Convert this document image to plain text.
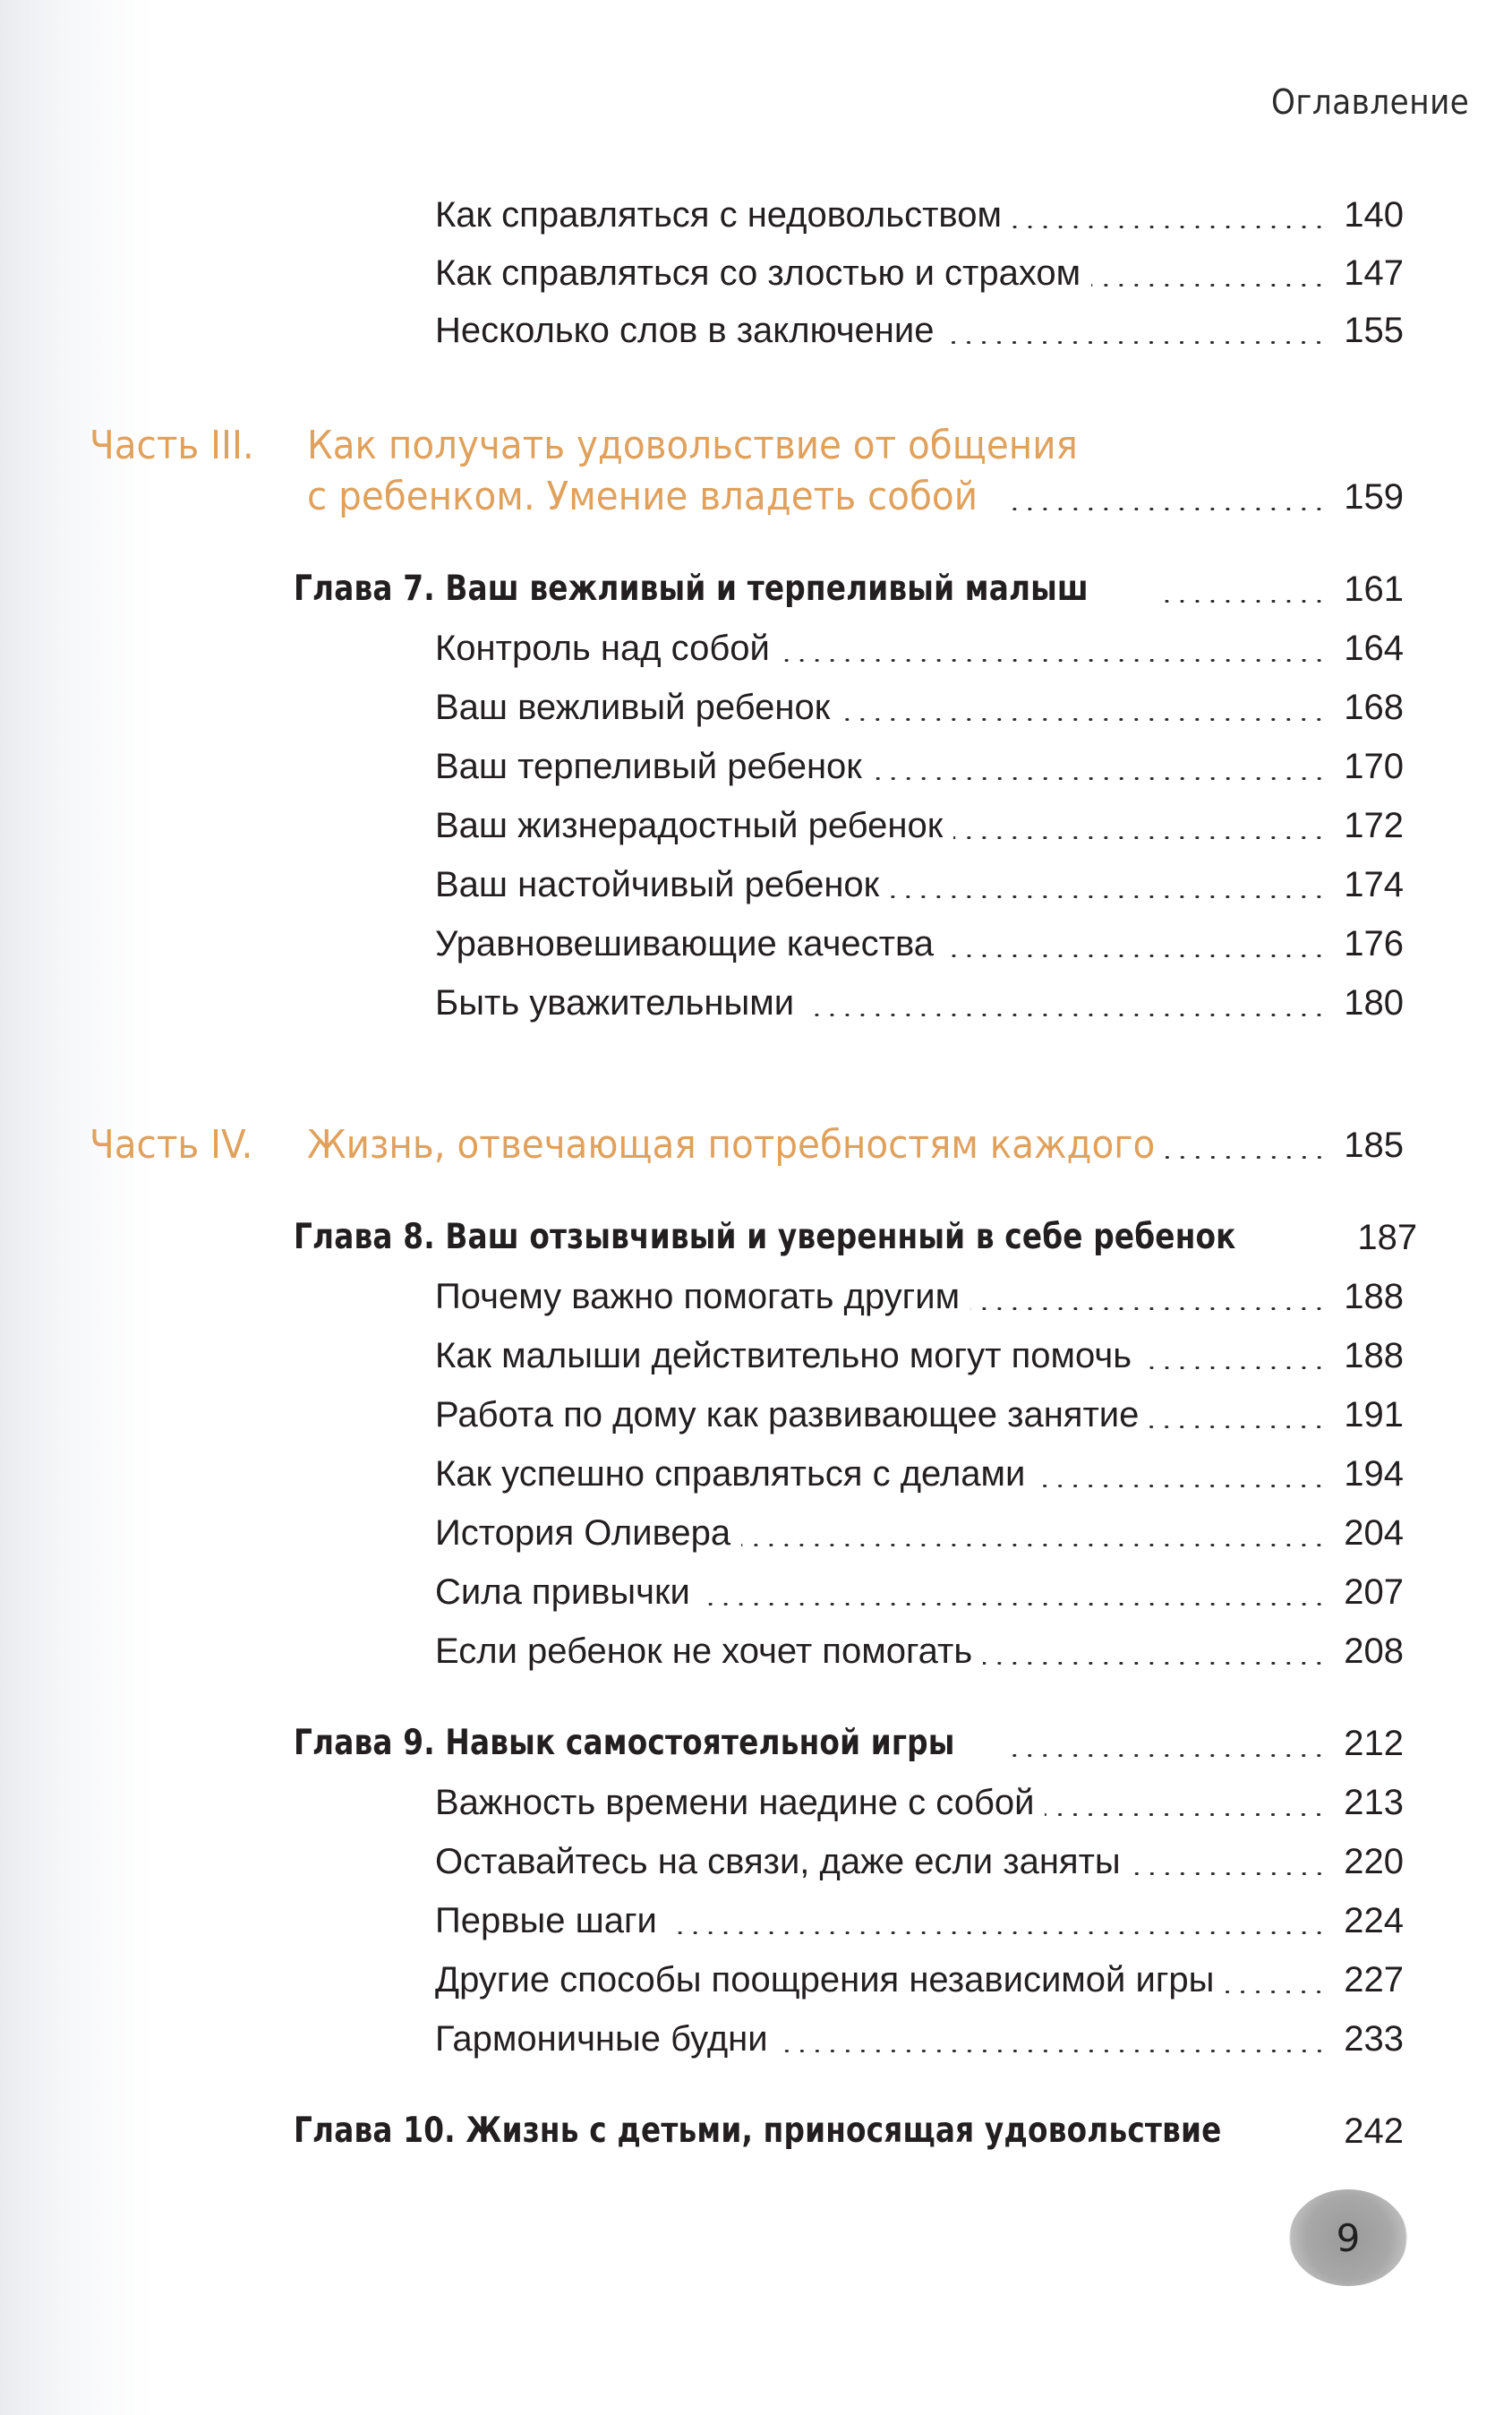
Оглавление
Как справляться с недовольством	140
Как справляться со злостью и страхом	147
Несколько слов в заключение	155
Часть III. Как получать удовольствие от общения
с ребенком. Умение владеть собой	159
Глава 7. Ваш вежливый и терпеливый малыш	161
Контроль над собой	164
Ваш вежливый ребенок	168
Ваш терпеливый ребенок	170
Ваш жизнерадостный ребенок	172
Ваш настойчивый ребенок	174
Уравновешивающие качества	176
Быть уважительными	180
Часть IV. Жизнь, отвечающая потребностям каждого	185
Глава 8. Ваш отзывчивый и уверенный в себе ребенок	187
Почему важно помогать другим	188
Как малыши действительно могут помочь	188
Работа по дому как развивающее занятие	191
Как успешно справляться с делами	194
История Оливера	204
Сила привычки	207
Если ребенок не хочет помогать	208
Глава 9. Навык самостоятельной игры	212
Важность времени наедине с собой	213
Оставайтесь на связи, даже если заняты	220
Первые шаги	224
Другие способы поощрения независимой игры	227
Гармоничные будни	233
Глава 10. Жизнь с детьми, приносящая удовольствие	242
9
